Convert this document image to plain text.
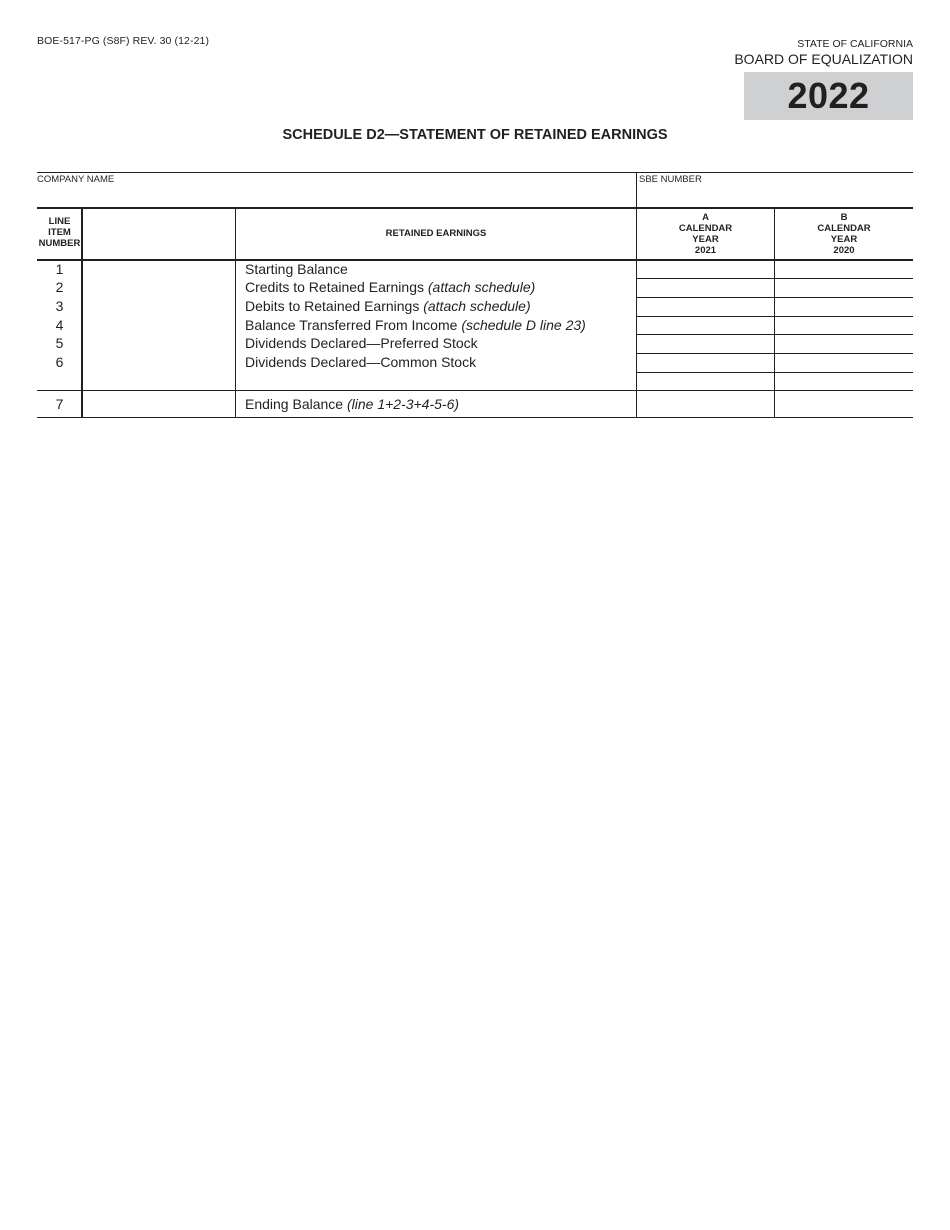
BOE-517-PG (S8F) REV. 30 (12-21)	STATE OF CALIFORNIA
BOARD OF EQUALIZATION
2022
SCHEDULE D2—STATEMENT OF RETAINED EARNINGS
COMPANY NAME	SBE NUMBER
LINE
ITEM
NUMBER
RETAINED EARNINGS
A
CALENDAR
YEAR
2021
B
CALENDAR
YEAR
2020
1	Starting Balance
2	Credits to Retained Earnings (attach schedule)
3	Debits to Retained Earnings (attach schedule)
4	Balance Transferred From Income (schedule D line 23)
5	Dividends Declared—Preferred Stock
6	Dividends Declared—Common Stock
7	Ending Balance (line 1+2-3+4-5-6)
